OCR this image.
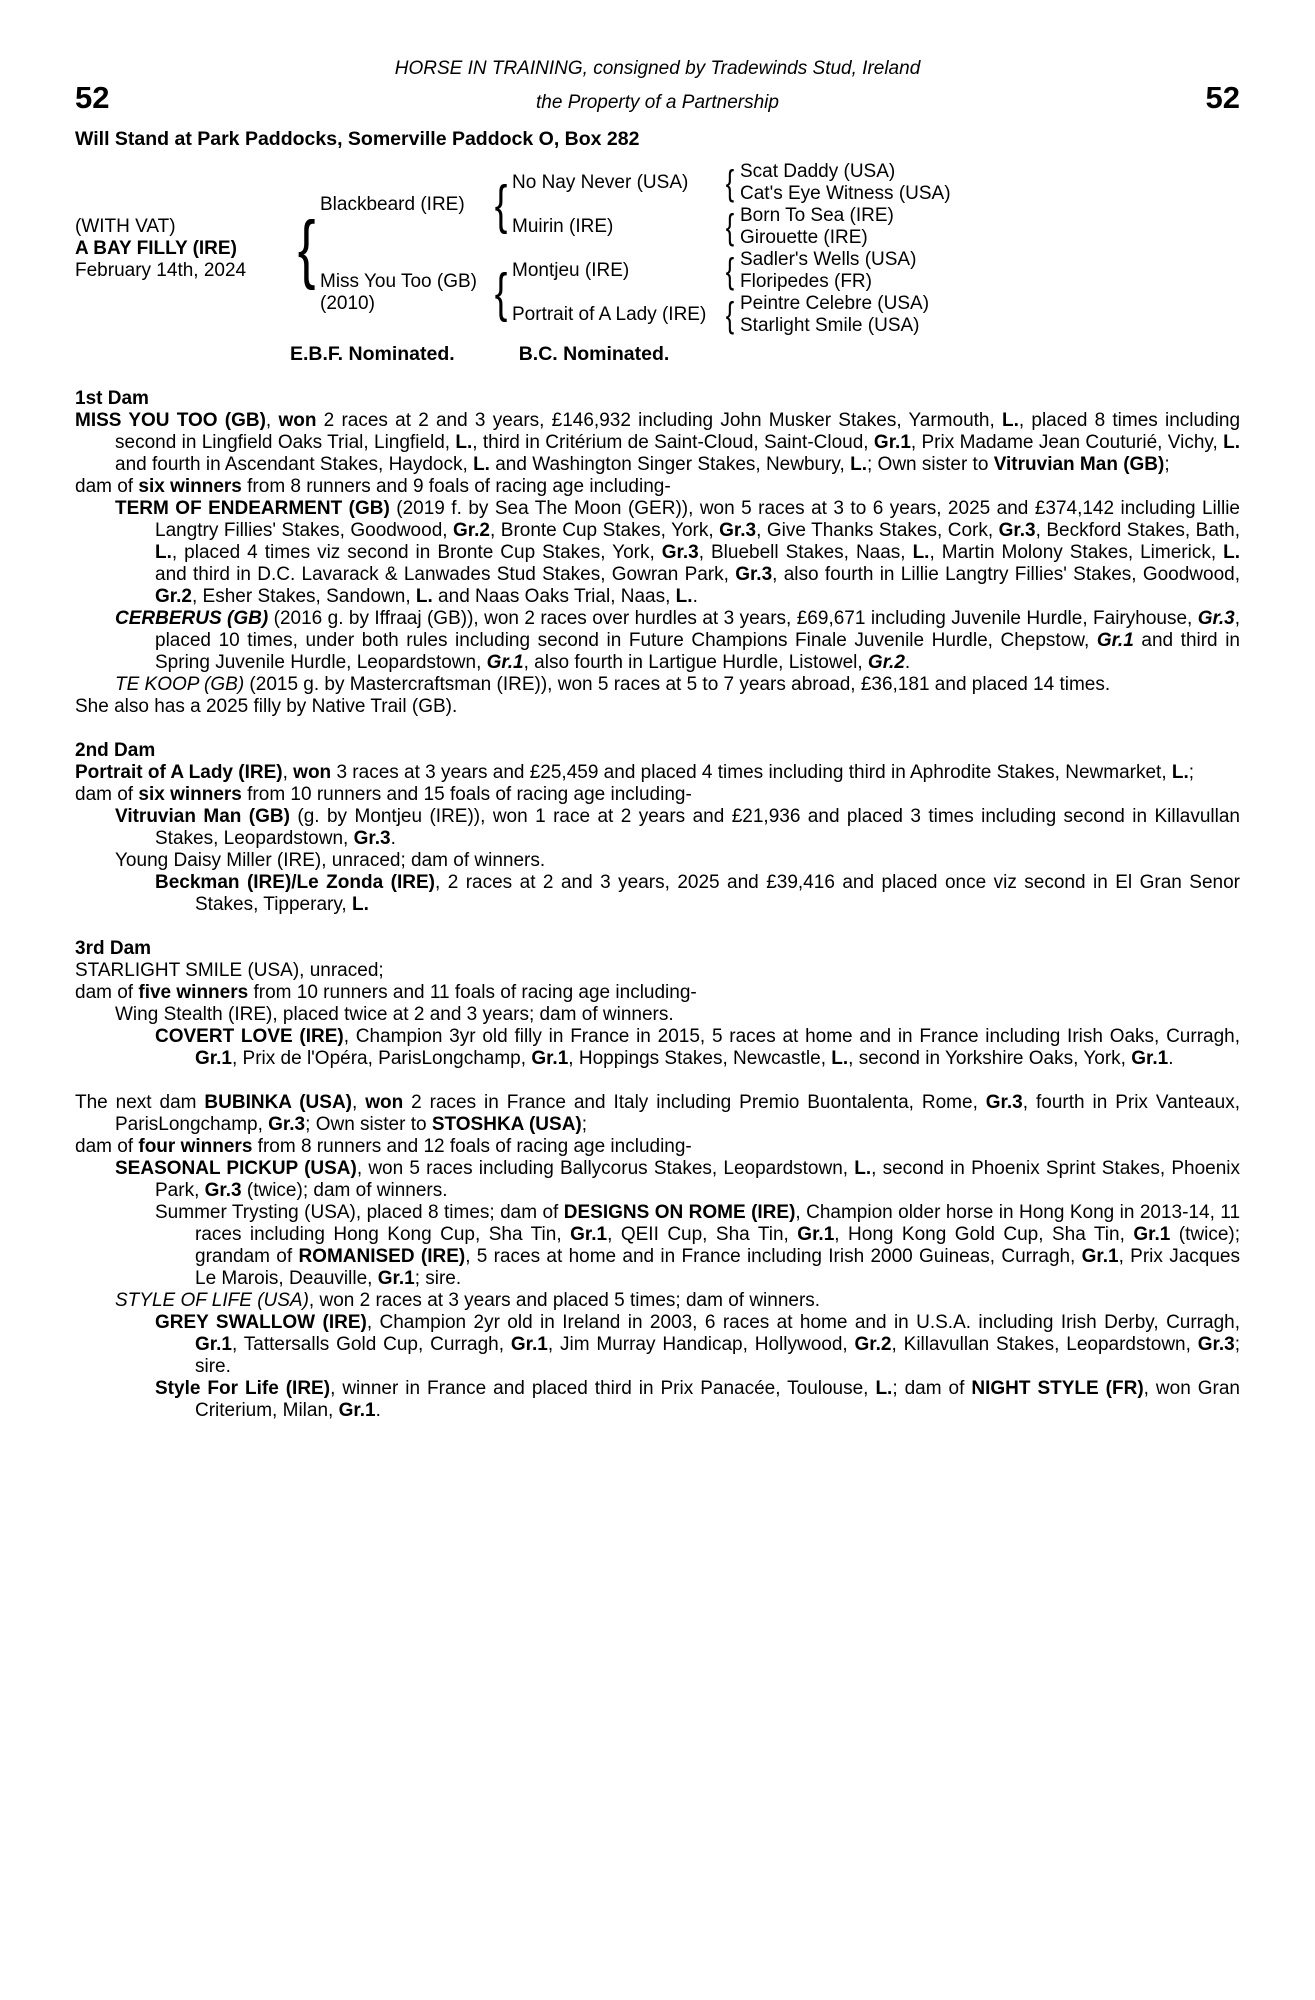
HORSE IN TRAINING, consigned by Tradewinds Stud, Ireland
52	the Property of a Partnership	52
Will Stand at Park Paddocks, Somerville Paddock O, Box 282
(WITH VAT)
A BAY FILLY (IRE)
February 14th, 2024 {
Blackbeard (IRE)
Miss You Too (GB)
(2010)
{
{
No Nay Never (USA)
Muirin (IRE)
Montjeu (IRE)
Portrait of A Lady (IRE)
{
{
{
{
Scat Daddy (USA)
Cat's Eye Witness (USA)
Born To Sea (IRE)
Girouette (IRE)
Sadler's Wells (USA)
Floripedes (FR)
Peintre Celebre (USA)
Starlight Smile (USA)
E.B.F. Nominated.	B.C. Nominated.

1st Dam

MISS YOU TOO (GB), won 2 races at 2 and 3 years, £146,932 including John Musker Stakes, Yarmouth, L., placed 8 times including second in Lingfield Oaks Trial, Lingfield, L., third in Critérium de Saint-Cloud, Saint-Cloud, Gr.1, Prix Madame Jean Couturié, Vichy, L. and fourth in Ascendant Stakes, Haydock, L. and Washington Singer Stakes, Newbury, L.; Own sister to Vitruvian Man (GB);

dam of six winners from 8 runners and 9 foals of racing age including-

TERM OF ENDEARMENT (GB) (2019 f. by Sea The Moon (GER)), won 5 races at 3 to 6 years, 2025 and £374,142 including Lillie Langtry Fillies' Stakes, Goodwood, Gr.2, Bronte Cup Stakes, York, Gr.3, Give Thanks Stakes, Cork, Gr.3, Beckford Stakes, Bath, L., placed 4 times viz second in Bronte Cup Stakes, York, Gr.3, Bluebell Stakes, Naas, L., Martin Molony Stakes, Limerick, L. and third in D.C. Lavarack & Lanwades Stud Stakes, Gowran Park, Gr.3, also fourth in Lillie Langtry Fillies' Stakes, Goodwood, Gr.2, Esher Stakes, Sandown, L. and Naas Oaks Trial, Naas, L..

CERBERUS (GB) (2016 g. by Iffraaj (GB)), won 2 races over hurdles at 3 years, £69,671 including Juvenile Hurdle, Fairyhouse, Gr.3, placed 10 times, under both rules including second in Future Champions Finale Juvenile Hurdle, Chepstow, Gr.1 and third in Spring Juvenile Hurdle, Leopardstown, Gr.1, also fourth in Lartigue Hurdle, Listowel, Gr.2.

TE KOOP (GB) (2015 g. by Mastercraftsman (IRE)), won 5 races at 5 to 7 years abroad, £36,181 and placed 14 times.

She also has a 2025 filly by Native Trail (GB).

2nd Dam

Portrait of A Lady (IRE), won 3 races at 3 years and £25,459 and placed 4 times including third in Aphrodite Stakes, Newmarket, L.;

dam of six winners from 10 runners and 15 foals of racing age including-

Vitruvian Man (GB) (g. by Montjeu (IRE)), won 1 race at 2 years and £21,936 and placed 3 times including second in Killavullan Stakes, Leopardstown, Gr.3.

Young Daisy Miller (IRE), unraced; dam of winners.

Beckman (IRE)/Le Zonda (IRE), 2 races at 2 and 3 years, 2025 and £39,416 and placed once viz second in El Gran Senor Stakes, Tipperary, L.

3rd Dam

STARLIGHT SMILE (USA), unraced;

dam of five winners from 10 runners and 11 foals of racing age including-

Wing Stealth (IRE), placed twice at 2 and 3 years; dam of winners.

COVERT LOVE (IRE), Champion 3yr old filly in France in 2015, 5 races at home and in France including Irish Oaks, Curragh, Gr.1, Prix de l'Opéra, ParisLongchamp, Gr.1, Hoppings Stakes, Newcastle, L., second in Yorkshire Oaks, York, Gr.1.

The next dam BUBINKA (USA), won 2 races in France and Italy including Premio Buontalenta, Rome, Gr.3, fourth in Prix Vanteaux, ParisLongchamp, Gr.3; Own sister to STOSHKA (USA);

dam of four winners from 8 runners and 12 foals of racing age including-

SEASONAL PICKUP (USA), won 5 races including Ballycorus Stakes, Leopardstown, L., second in Phoenix Sprint Stakes, Phoenix Park, Gr.3 (twice); dam of winners.

Summer Trysting (USA), placed 8 times; dam of DESIGNS ON ROME (IRE), Champion older horse in Hong Kong in 2013-14, 11 races including Hong Kong Cup, Sha Tin, Gr.1, QEII Cup, Sha Tin, Gr.1, Hong Kong Gold Cup, Sha Tin, Gr.1 (twice); grandam of ROMANISED (IRE), 5 races at home and in France including Irish 2000 Guineas, Curragh, Gr.1, Prix Jacques Le Marois, Deauville, Gr.1; sire.

STYLE OF LIFE (USA), won 2 races at 3 years and placed 5 times; dam of winners.

GREY SWALLOW (IRE), Champion 2yr old in Ireland in 2003, 6 races at home and in U.S.A. including Irish Derby, Curragh, Gr.1, Tattersalls Gold Cup, Curragh, Gr.1, Jim Murray Handicap, Hollywood, Gr.2, Killavullan Stakes, Leopardstown, Gr.3; sire.

Style For Life (IRE), winner in France and placed third in Prix Panacée, Toulouse, L.; dam of NIGHT STYLE (FR), won Gran Criterium, Milan, Gr.1.
